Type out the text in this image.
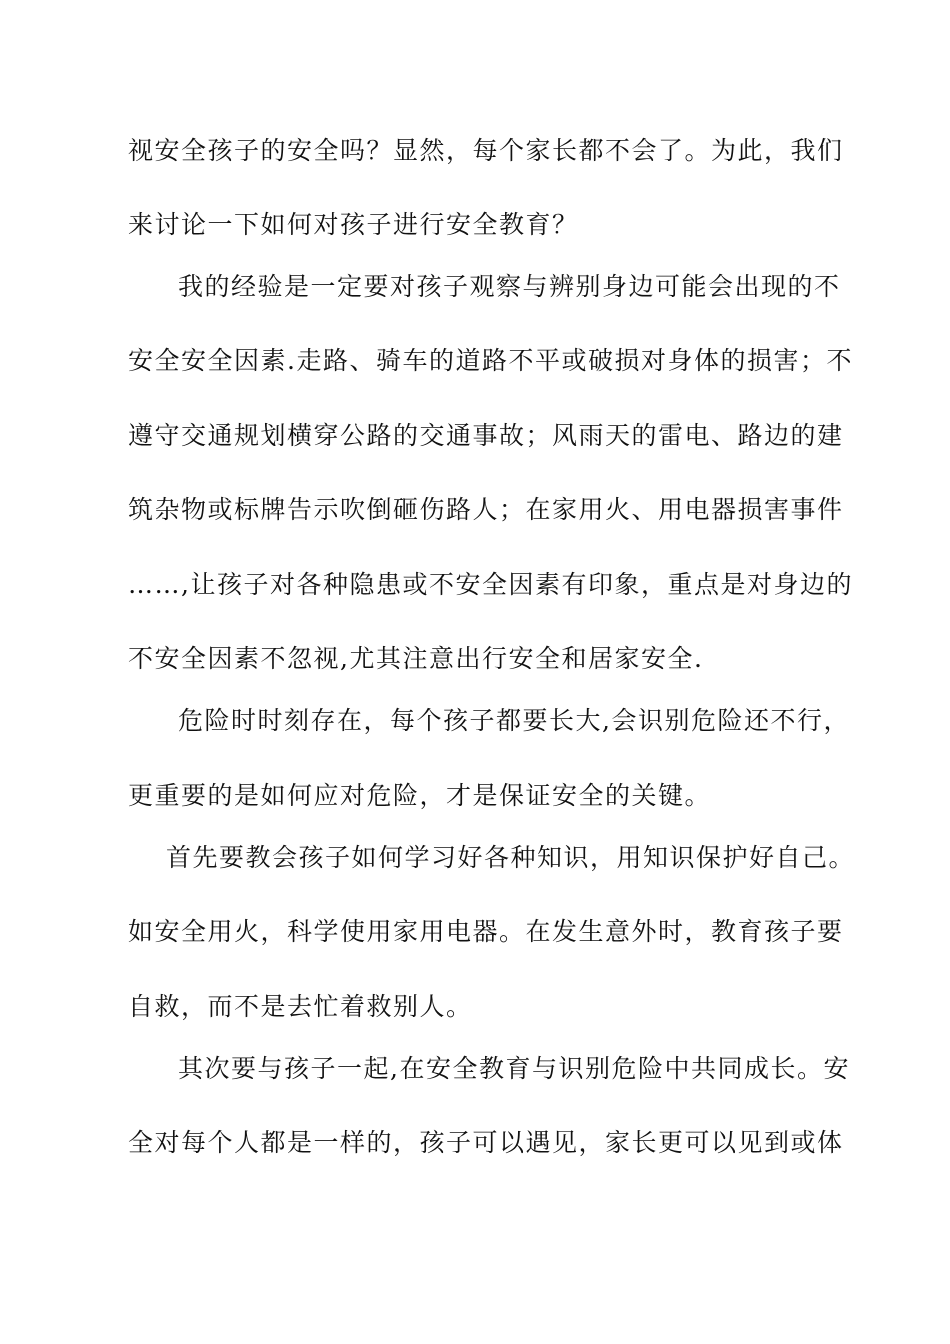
视安全孩子的安全吗？显然，每个家长都不会了。为此，我们
来讨论一下如何对孩子进行安全教育？
我的经验是一定要对孩子观察与辨别身边可能会出现的不
安全安全因素.走路、骑车的道路不平或破损对身体的损害；不
遵守交通规划横穿公路的交通事故；风雨天的雷电、路边的建
筑杂物或标牌告示吹倒砸伤路人；在家用火、用电器损害事件
……,让孩子对各种隐患或不安全因素有印象，重点是对身边的
不安全因素不忽视,尤其注意出行安全和居家安全.
危险时时刻存在，每个孩子都要长大,会识别危险还不行，
更重要的是如何应对危险，才是保证安全的关键。
首先要教会孩子如何学习好各种知识，用知识保护好自己。
如安全用火，科学使用家用电器。在发生意外时，教育孩子要
自救，而不是去忙着救别人。
其次要与孩子一起,在安全教育与识别危险中共同成长。安
全对每个人都是一样的，孩子可以遇见，家长更可以见到或体
